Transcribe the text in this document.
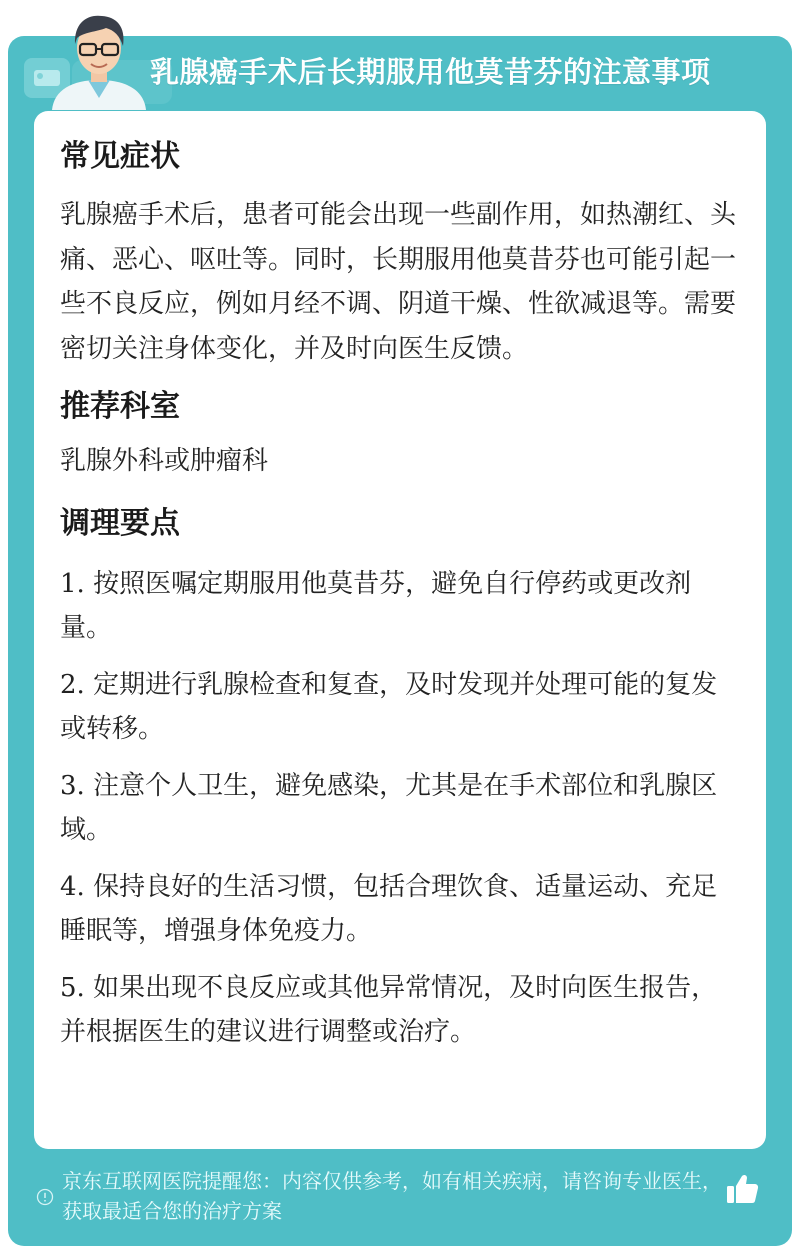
乳腺癌手术后长期服用他莫昔芬的注意事项
常见症状

乳腺癌手术后，患者可能会出现一些副作用，如热潮红、头痛、恶心、呕吐等。同时，长期服用他莫昔芬也可能引起一些不良反应，例如月经不调、阴道干燥、性欲减退等。需要密切关注身体变化，并及时向医生反馈。

推荐科室

乳腺外科或肿瘤科

调理要点

1. 按照医嘱定期服用他莫昔芬，避免自行停药或更改剂量。

2. 定期进行乳腺检查和复查，及时发现并处理可能的复发或转移。

3. 注意个人卫生，避免感染，尤其是在手术部位和乳腺区域。

4. 保持良好的生活习惯，包括合理饮食、适量运动、充足睡眠等，增强身体免疫力。

5. 如果出现不良反应或其他异常情况，及时向医生报告，并根据医生的建议进行调整或治疗。

京东互联网医院提醒您：内容仅供参考，如有相关疾病，请咨询专业医生，获取最适合您的治疗方案
